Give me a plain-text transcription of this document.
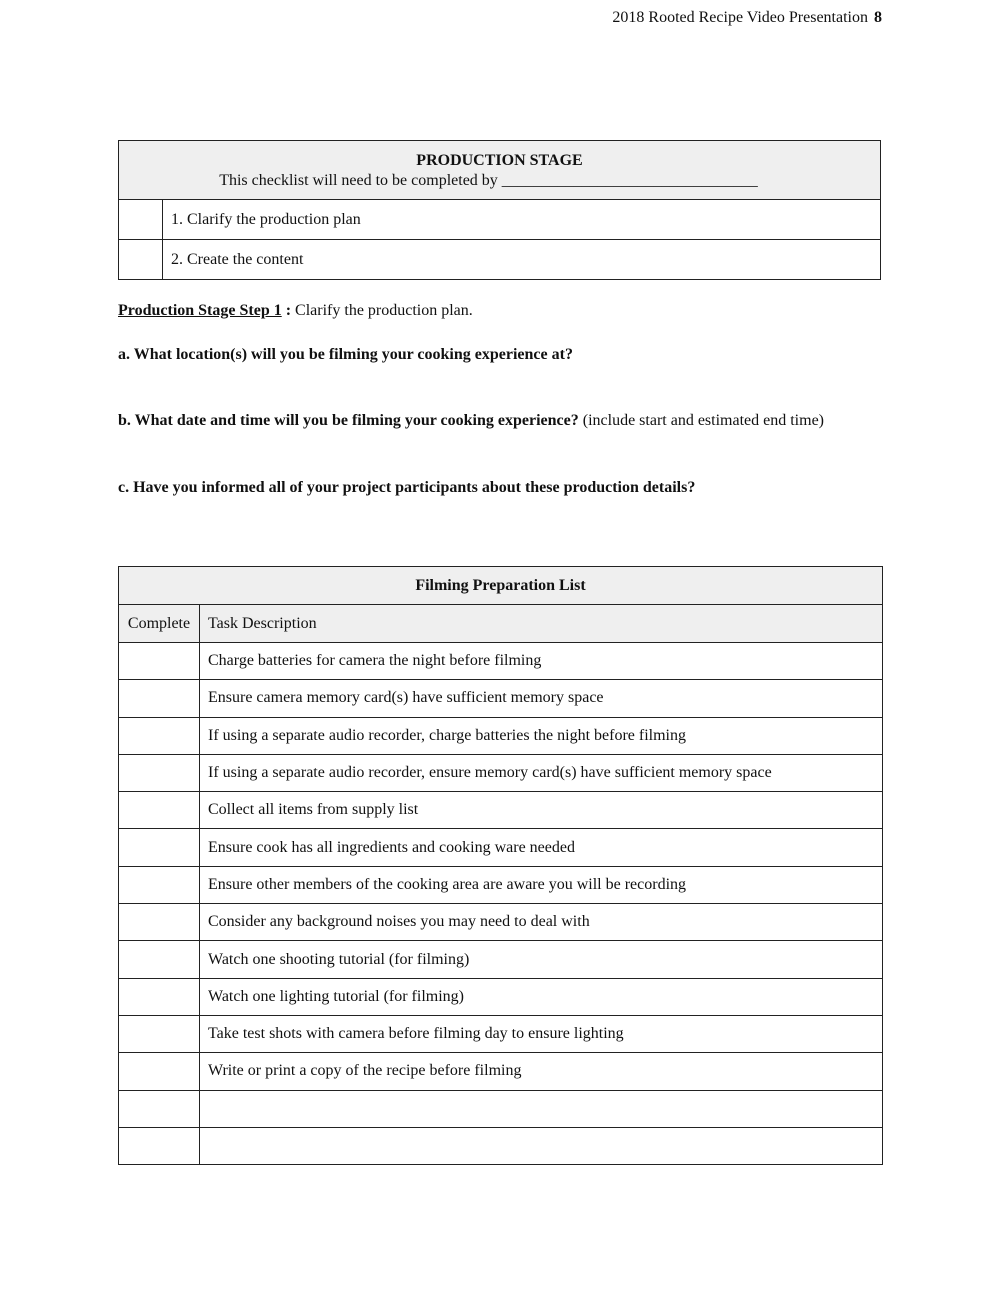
2018 Rooted Recipe Video Presentation 8
PRODUCTION STAGE
This checklist will need to be completed by ________________________________	

	1. Clarify the production plan
	2. Create the content
Production Stage Step 1 : Clarify the production plan.
a. What location(s) will you be filming your cooking experience at?
b. What date and time will you be filming your cooking experience? (include start and estimated end time)
c. Have you informed all of your project participants about these production details?
Filming Preparation List	
Complete	Task Description
	Charge batteries for camera the night before filming
	Ensure camera memory card(s) have sufficient memory space
	If using a separate audio recorder, charge batteries the night before filming
	If using a separate audio recorder, ensure memory card(s) have sufficient memory space
	Collect all items from supply list
	Ensure cook has all ingredients and cooking ware needed
	Ensure other members of the cooking area are aware you will be recording
	Consider any background noises you may need to deal with
	Watch one shooting tutorial (for filming)
	Watch one lighting tutorial (for filming)
	Take test shots with camera before filming day to ensure lighting
	Write or print a copy of the recipe before filming
